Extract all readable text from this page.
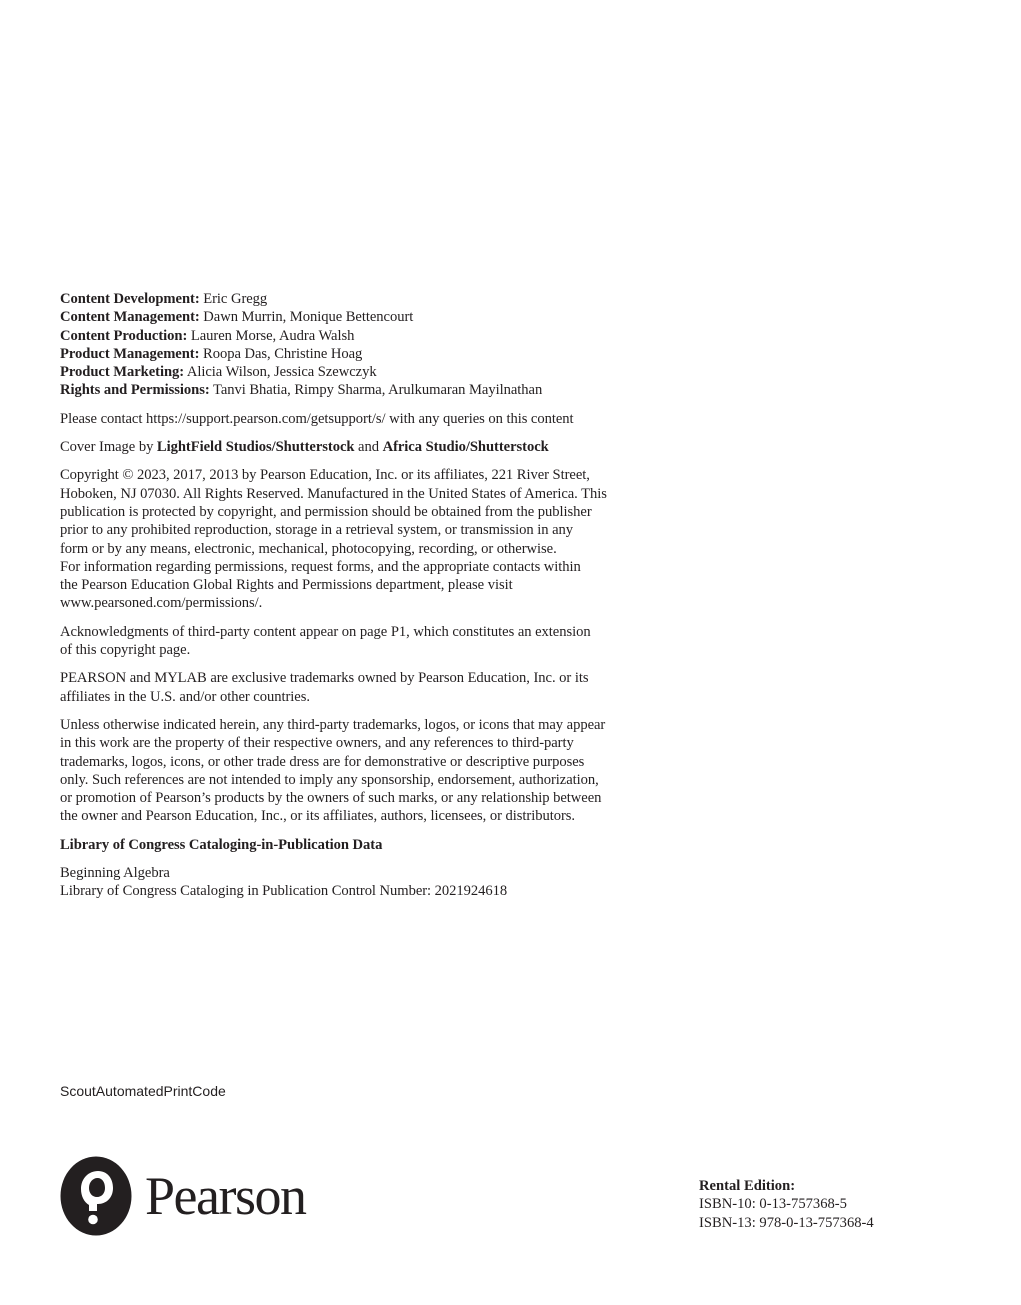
Content Development: Eric Gregg
Content Management: Dawn Murrin, Monique Bettencourt
Content Production: Lauren Morse, Audra Walsh
Product Management: Roopa Das, Christine Hoag
Product Marketing: Alicia Wilson, Jessica Szewczyk
Rights and Permissions: Tanvi Bhatia, Rimpy Sharma, Arulkumaran Mayilnathan
Please contact https://support.pearson.com/getsupport/s/ with any queries on this content
Cover Image by LightField Studios/Shutterstock and Africa Studio/Shutterstock
Copyright © 2023, 2017, 2013 by Pearson Education, Inc. or its affiliates, 221 River Street,
Hoboken, NJ 07030. All Rights Reserved. Manufactured in the United States of America. This
publication is protected by copyright, and permission should be obtained from the publisher
prior to any prohibited reproduction, storage in a retrieval system, or transmission in any
form or by any means, electronic, mechanical, photocopying, recording, or otherwise.
For information regarding permissions, request forms, and the appropriate contacts within
the Pearson Education Global Rights and Permissions department, please visit
www.pearsoned.com/permissions/.
Acknowledgments of third-party content appear on page P1, which constitutes an extension
of this copyright page.
PEARSON and MYLAB are exclusive trademarks owned by Pearson Education, Inc. or its
affiliates in the U.S. and/or other countries.
Unless otherwise indicated herein, any third-party trademarks, logos, or icons that may appear
in this work are the property of their respective owners, and any references to third-party
trademarks, logos, icons, or other trade dress are for demonstrative or descriptive purposes
only. Such references are not intended to imply any sponsorship, endorsement, authorization,
or promotion of Pearson’s products by the owners of such marks, or any relationship between
the owner and Pearson Education, Inc., or its affiliates, authors, licensees, or distributors.
Library of Congress Cataloging-in-Publication Data
Beginning Algebra
Library of Congress Cataloging in Publication Control Number: 2021924618
ScoutAutomatedPrintCode
Pearson	Rental Edition:
ISBN-10: 0-13-757368-5
ISBN-13: 978-0-13-757368-4
